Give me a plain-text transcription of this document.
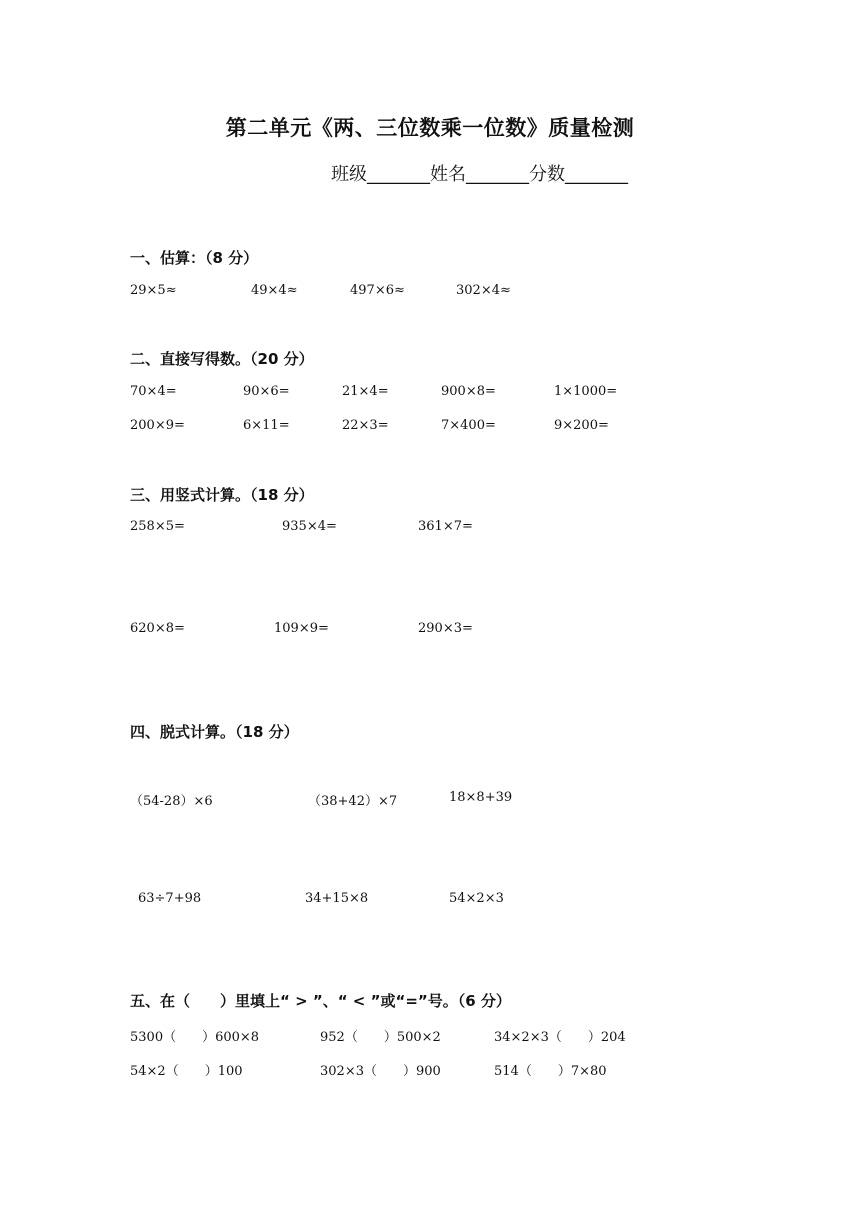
第二单元《两、三位数乘一位数》质量检测
班级_______姓名_______分数_______
一、估算：（8 分）
29×5≈	49×4≈	497×6≈	302×4≈
二、直接写得数。（20 分）
70×4=	90×6=	21×4=	900×8=	1×1000=
200×9=	6×11=	22×3=	7×400=	9×200=
三、用竖式计算。（18 分）
258×5=	935×4=	361×7=
620×8=	109×9=	290×3=
四、脱式计算。（18 分）
（54-28）×6	（38+42）×7	18×8+39
63÷7+98	34+15×8	54×2×3
五、在（　　）里填上“ > ”、“ < ”或“=”号。（6 分）
5300（　　）600×8	952（　　）500×2	34×2×3（　　）204
54×2（　　）100	302×3（　　）900	514（　　）7×80
